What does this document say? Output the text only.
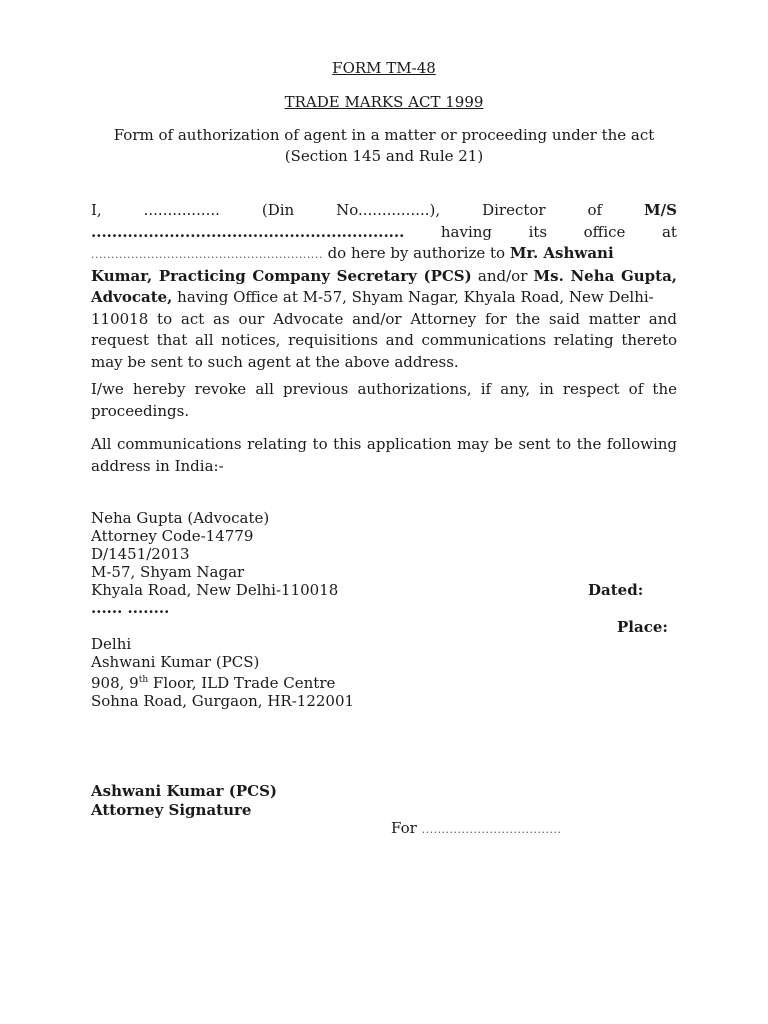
FORM TM-48
TRADE MARKS ACT 1999
Form of authorization of agent in a matter or proceeding under the act
(Section 145 and Rule 21)
I,	................	(Din	No...............),	Director	of	M/S
............................................................ having its office at
.......................................................... do here by authorize to Mr. Ashwani
Kumar, Practicing Company Secretary (PCS) and/or Ms. Neha Gupta,
Advocate, having Office at M-57, Shyam Nagar, Khyala Road, New Delhi-
110018 to act as our Advocate and/or Attorney for the said matter and request that all notices, requisitions and communications relating thereto may be sent to such agent at the above address.
I/we hereby revoke all previous authorizations, if any, in respect of the proceedings.
All communications relating to this application may be sent to the following address in India:-
Neha Gupta (Advocate)
Attorney Code-14779
D/1451/2013
M-57, Shyam Nagar
Khyala Road, New Delhi-110018
...... ........
Delhi
Ashwani Kumar (PCS)
908, 9th Floor, ILD Trade Centre
Sohna Road, Gurgaon, HR-122001
Dated:
Place:
Ashwani Kumar (PCS)
Attorney Signature
For ...................................
